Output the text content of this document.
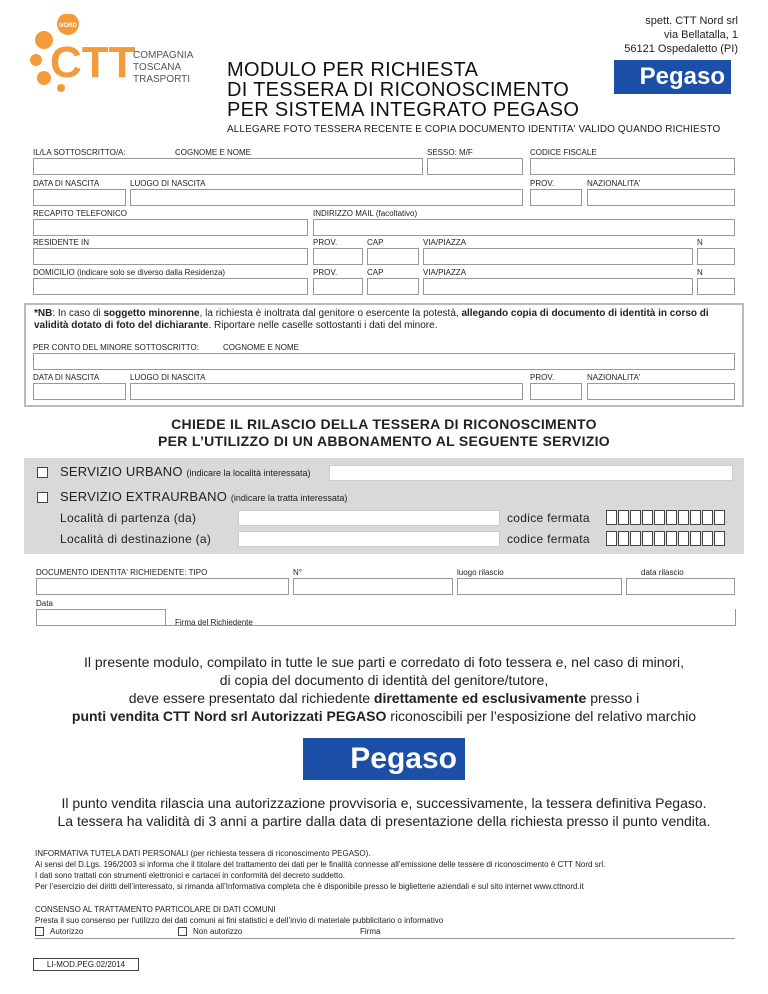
NORD
CTT
COMPAGNIA
TOSCANA
TRASPORTI
spett. CTT Nord srl
via Bellatalla, 1
56121 Ospedaletto (PI)
MODULO PER RICHIESTA
DI TESSERA DI RICONOSCIMENTO
PER SISTEMA INTEGRATO PEGASO
Pegaso
ALLEGARE FOTO TESSERA RECENTE E COPIA DOCUMENTO IDENTITA' VALIDO QUANDO RICHIESTO
IL/LA SOTTOSCRITTO/A:	COGNOME E NOME	SESSO: M/F	CODICE FISCALE
DATA DI NASCITA	LUOGO DI NASCITA	PROV.	NAZIONALITA'
RECAPITO TELEFONICO	INDIRIZZO MAIL (facoltativo)
RESIDENTE IN	PROV.	CAP	VIA/PIAZZA	N
DOMICILIO (indicare solo se diverso dalla Residenza)	PROV.	CAP	VIA/PIAZZA	N
*NB: In caso di soggetto minorenne, la richiesta è inoltrata dal genitore o esercente la potestà, allegando copia di documento di identità in corso di validità dotato di foto del dichiarante. Riportare nelle caselle sottostanti i dati del minore.
PER CONTO DEL MINORE SOTTOSCRITTO:	COGNOME E NOME
DATA DI NASCITA	LUOGO DI NASCITA	PROV.	NAZIONALITA'
CHIEDE IL RILASCIO DELLA TESSERA DI RICONOSCIMENTO
PER L’UTILIZZO DI UN ABBONAMENTO AL SEGUENTE SERVIZIO
SERVIZIO URBANO (indicare la località interessata)
SERVIZIO EXTRAURBANO (indicare la tratta interessata)
Località di partenza (da)	codice fermata
Località di destinazione (a)	codice fermata
DOCUMENTO IDENTITA' RICHIEDENTE: TIPO	N°	luogo rilascio	data rilascio
Data
Firma del Richiedente
Il presente modulo, compilato in tutte le sue parti e corredato di foto tessera e, nel caso di minori,
di copia del documento di identità del genitore/tutore,
deve essere presentato dal richiedente direttamente ed esclusivamente presso i
punti vendita CTT Nord srl Autorizzati PEGASO riconoscibili per l’esposizione del relativo marchio
Pegaso
Il punto vendita rilascia una autorizzazione provvisoria e, successivamente, la tessera definitiva Pegaso.
La tessera ha validità di 3 anni a partire dalla data di presentazione della richiesta presso il punto vendita.
INFORMATIVA TUTELA DATI PERSONALI (per richiesta tessera di riconoscimento PEGASO).
Ai sensi del D.Lgs. 196/2003 si informa che il titolare del trattamento dei dati per le finalità connesse all’emissione delle tessere di riconoscimento è CTT Nord srl.
I dati sono trattati con strumenti elettronici e cartacei in conformità del decreto suddetto.
Per l’esercizio dei diritti dell’interessato, si rimanda all’Informativa completa che è disponibile presso le biglietterie aziendali e sul sito internet www.cttnord.it
CONSENSO AL TRATTAMENTO PARTICOLARE DI DATI COMUNI
Presta il suo consenso per l’utilizzo dei dati comuni ai fini statistici e dell’invio di materiale pubblicitario o informativo
Autorizzo	Non autorizzo	Firma
LI-MOD.PEG.02/2014
